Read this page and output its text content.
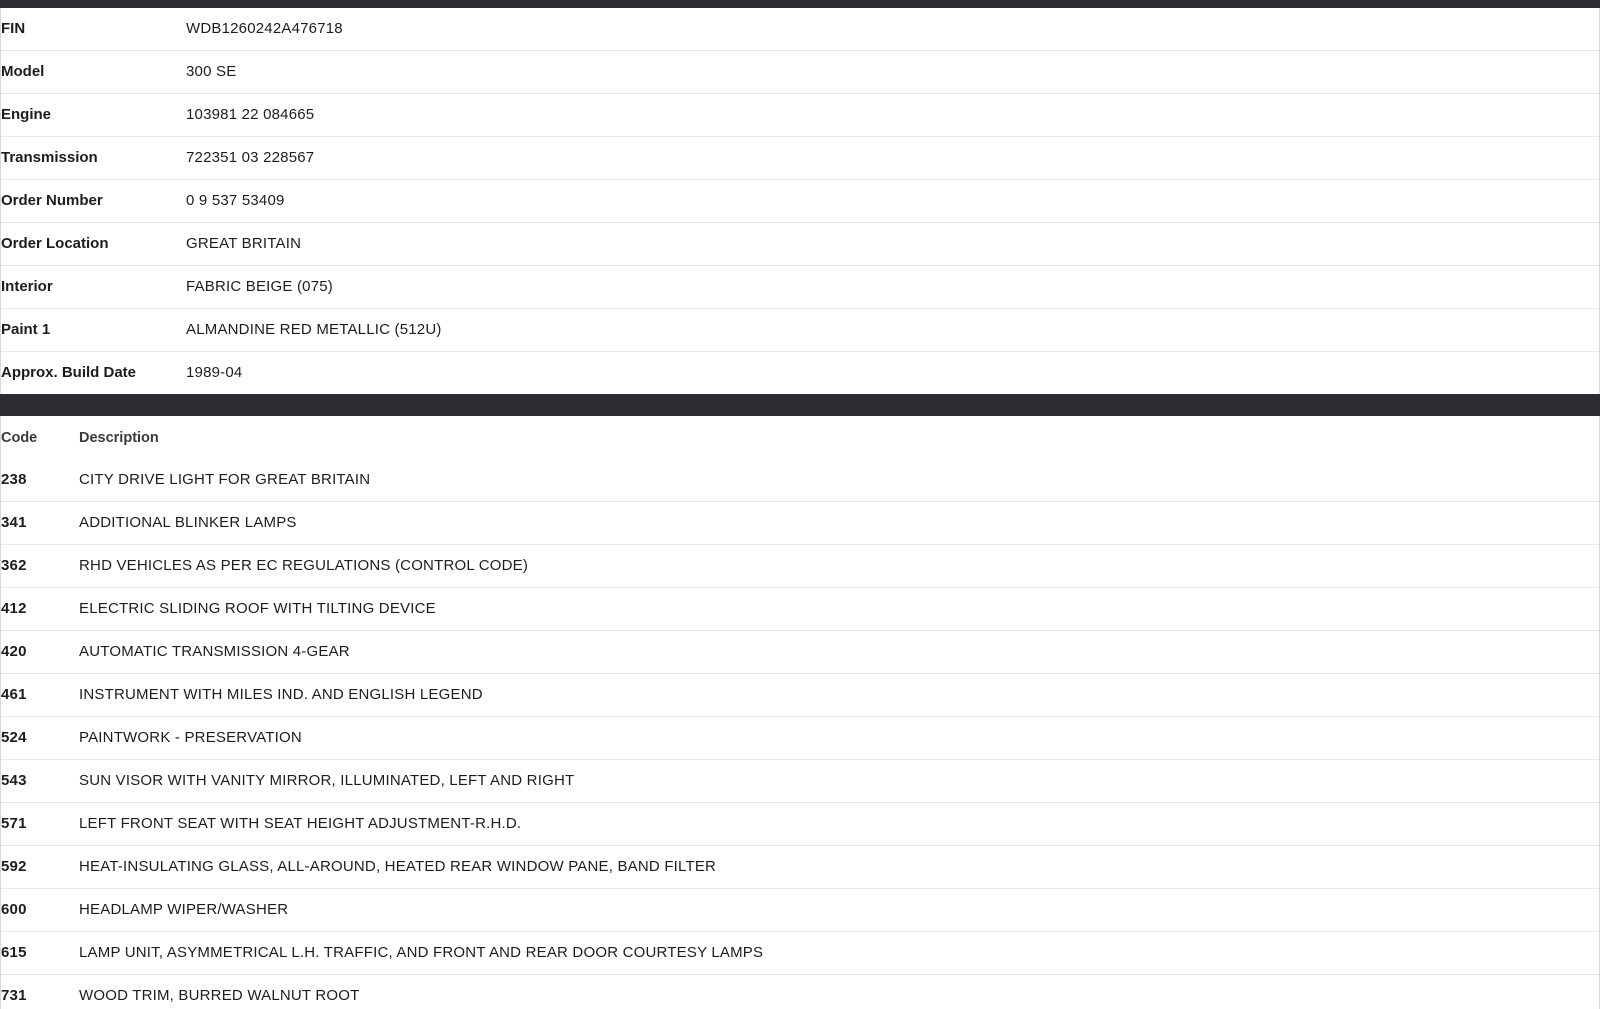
FIN	WDB1260242A476718
Model	300 SE
Engine	103981 22 084665
Transmission	722351 03 228567
Order Number	0 9 537 53409
Order Location	GREAT BRITAIN
Interior	FABRIC BEIGE (075)
Paint 1	ALMANDINE RED METALLIC (512U)
Approx. Build Date	1989-04
Code	Description
238	CITY DRIVE LIGHT FOR GREAT BRITAIN
341	ADDITIONAL BLINKER LAMPS
362	RHD VEHICLES AS PER EC REGULATIONS (CONTROL CODE)
412	ELECTRIC SLIDING ROOF WITH TILTING DEVICE
420	AUTOMATIC TRANSMISSION 4-GEAR
461	INSTRUMENT WITH MILES IND. AND ENGLISH LEGEND
524	PAINTWORK - PRESERVATION
543	SUN VISOR WITH VANITY MIRROR, ILLUMINATED, LEFT AND RIGHT
571	LEFT FRONT SEAT WITH SEAT HEIGHT ADJUSTMENT-R.H.D.
592	HEAT-INSULATING GLASS, ALL-AROUND, HEATED REAR WINDOW PANE, BAND FILTER
600	HEADLAMP WIPER/WASHER
615	LAMP UNIT, ASYMMETRICAL L.H. TRAFFIC, AND FRONT AND REAR DOOR COURTESY LAMPS
731	WOOD TRIM, BURRED WALNUT ROOT
